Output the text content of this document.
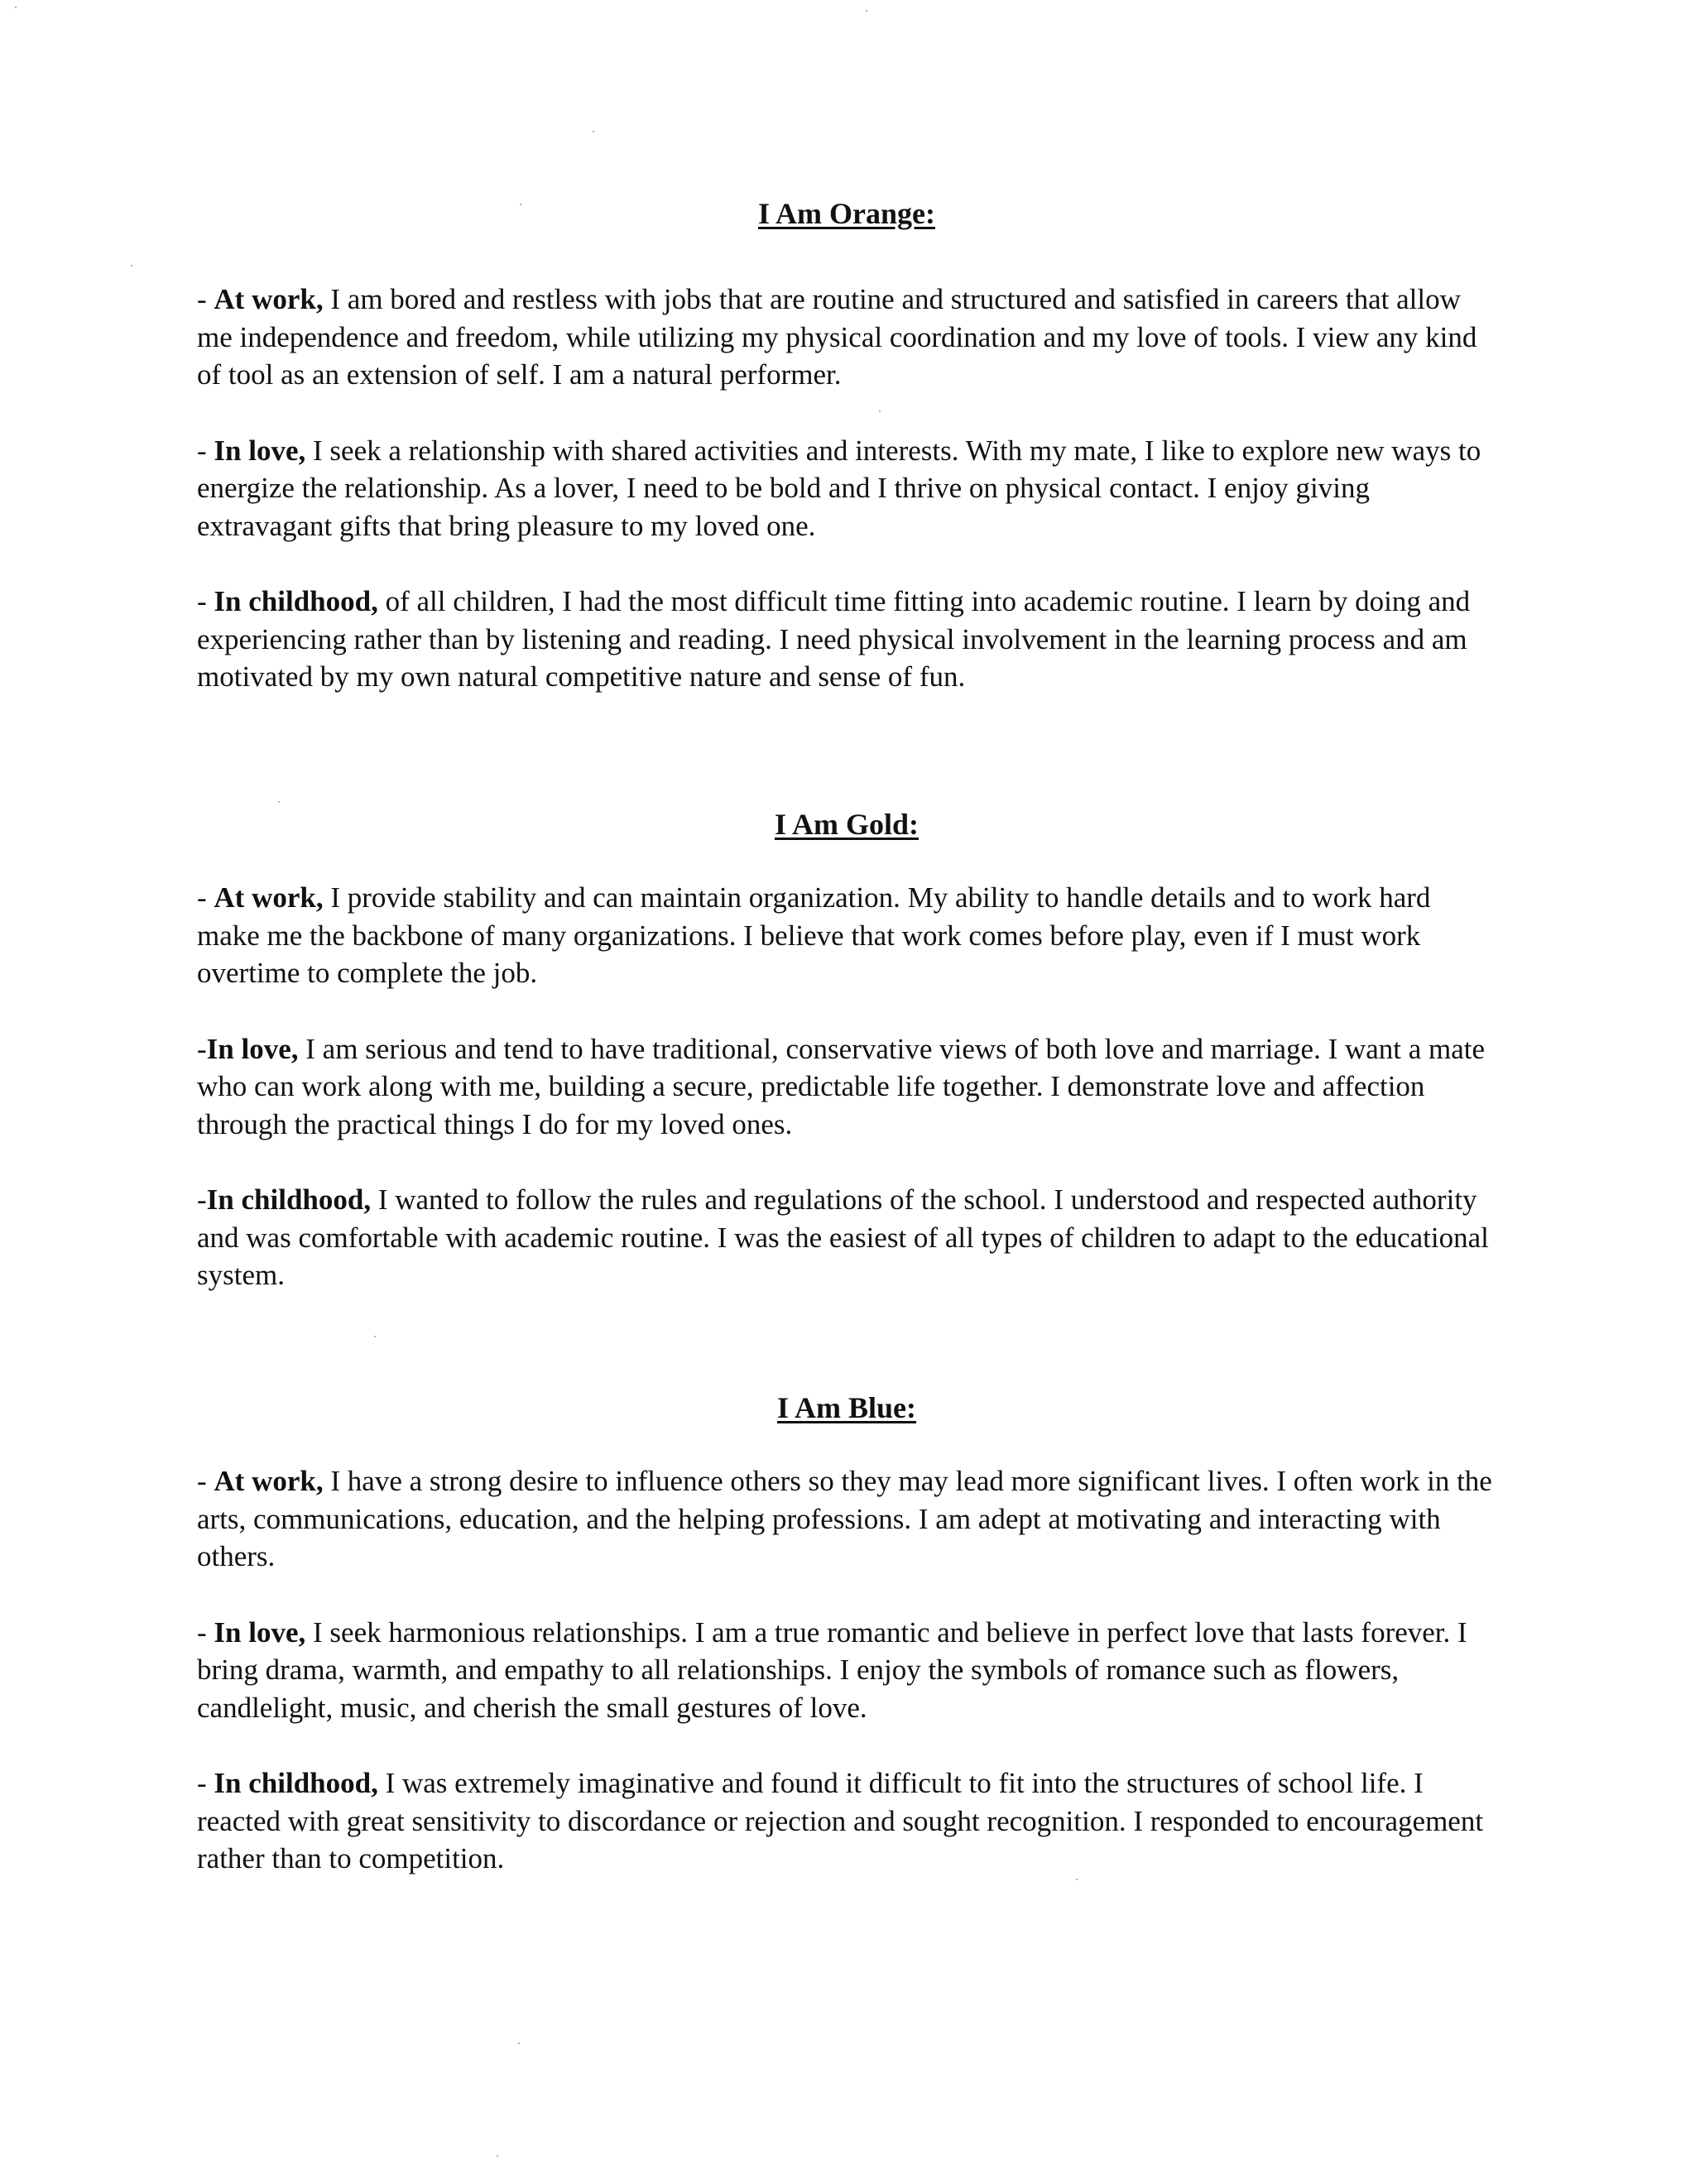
I Am Orange:

- At work, I am bored and restless with jobs that are routine and structured and satisfied in careers that allow me independence and freedom, while utilizing my physical coordination and my love of tools. I view any kind of tool as an extension of self. I am a natural performer.

- In love, I seek a relationship with shared activities and interests. With my mate, I like to explore new ways to energize the relationship. As a lover, I need to be bold and I thrive on physical contact. I enjoy giving extravagant gifts that bring pleasure to my loved one.

- In childhood, of all children, I had the most difficult time fitting into academic routine. I learn by doing and experiencing rather than by listening and reading. I need physical involvement in the learning process and am motivated by my own natural competitive nature and sense of fun.

I Am Gold:

- At work, I provide stability and can maintain organization. My ability to handle details and to work hard make me the backbone of many organizations. I believe that work comes before play, even if I must work overtime to complete the job.

-In love, I am serious and tend to have traditional, conservative views of both love and marriage. I want a mate who can work along with me, building a secure, predictable life together. I demonstrate love and affection through the practical things I do for my loved ones.

-In childhood, I wanted to follow the rules and regulations of the school. I understood and respected authority and was comfortable with academic routine. I was the easiest of all types of children to adapt to the educational system.

I Am Blue:

- At work, I have a strong desire to influence others so they may lead more significant lives. I often work in the arts, communications, education, and the helping professions. I am adept at motivating and interacting with others.

- In love, I seek harmonious relationships. I am a true romantic and believe in perfect love that lasts forever. I bring drama, warmth, and empathy to all relationships. I enjoy the symbols of romance such as flowers, candlelight, music, and cherish the small gestures of love.

- In childhood, I was extremely imaginative and found it difficult to fit into the structures of school life. I reacted with great sensitivity to discordance or rejection and sought recognition. I responded to encouragement rather than to competition.
